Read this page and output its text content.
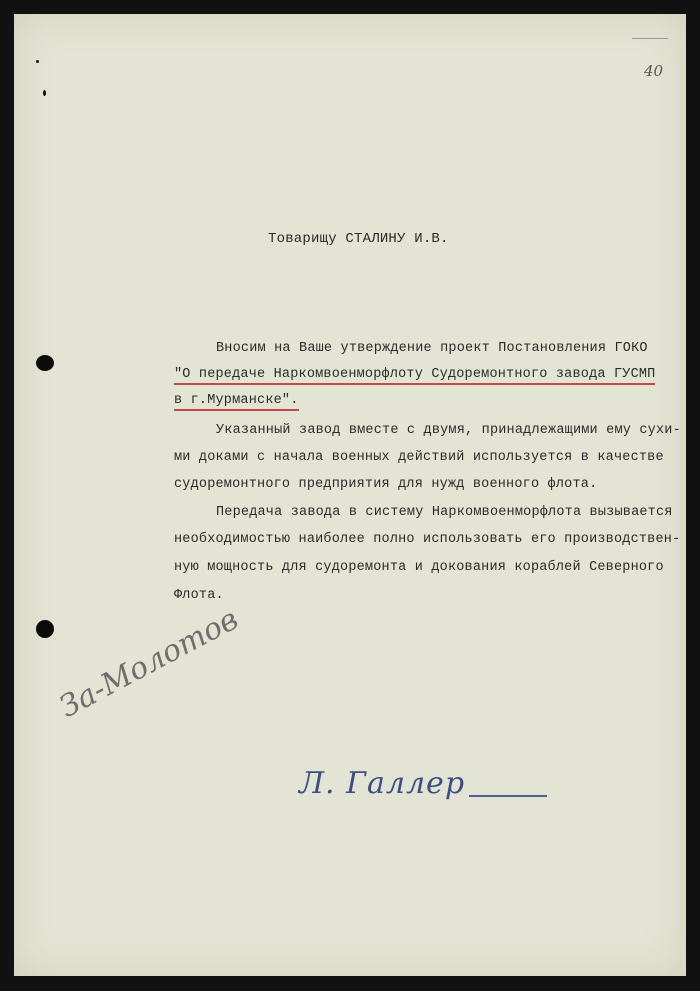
40
Товарищу СТАЛИНУ И.В.
Вносим на Ваше утверждение проект Постановления ГОКО
"О передаче Наркомвоенморфлоту Судоремонтного завода ГУСМП
в г.Мурманске".
Указанный завод вместе с двумя, принадлежащими ему сухи-
ми доками с начала военных действий используется в качестве
судоремонтного предприятия для нужд военного флота.
Передача завода в систему Наркомвоенморфлота вызывается
необходимостью наиболее полно использовать его производствен-
ную мощность для судоремонта и докования кораблей Северного
Флота.
За-Молотов
Л. Галлер
